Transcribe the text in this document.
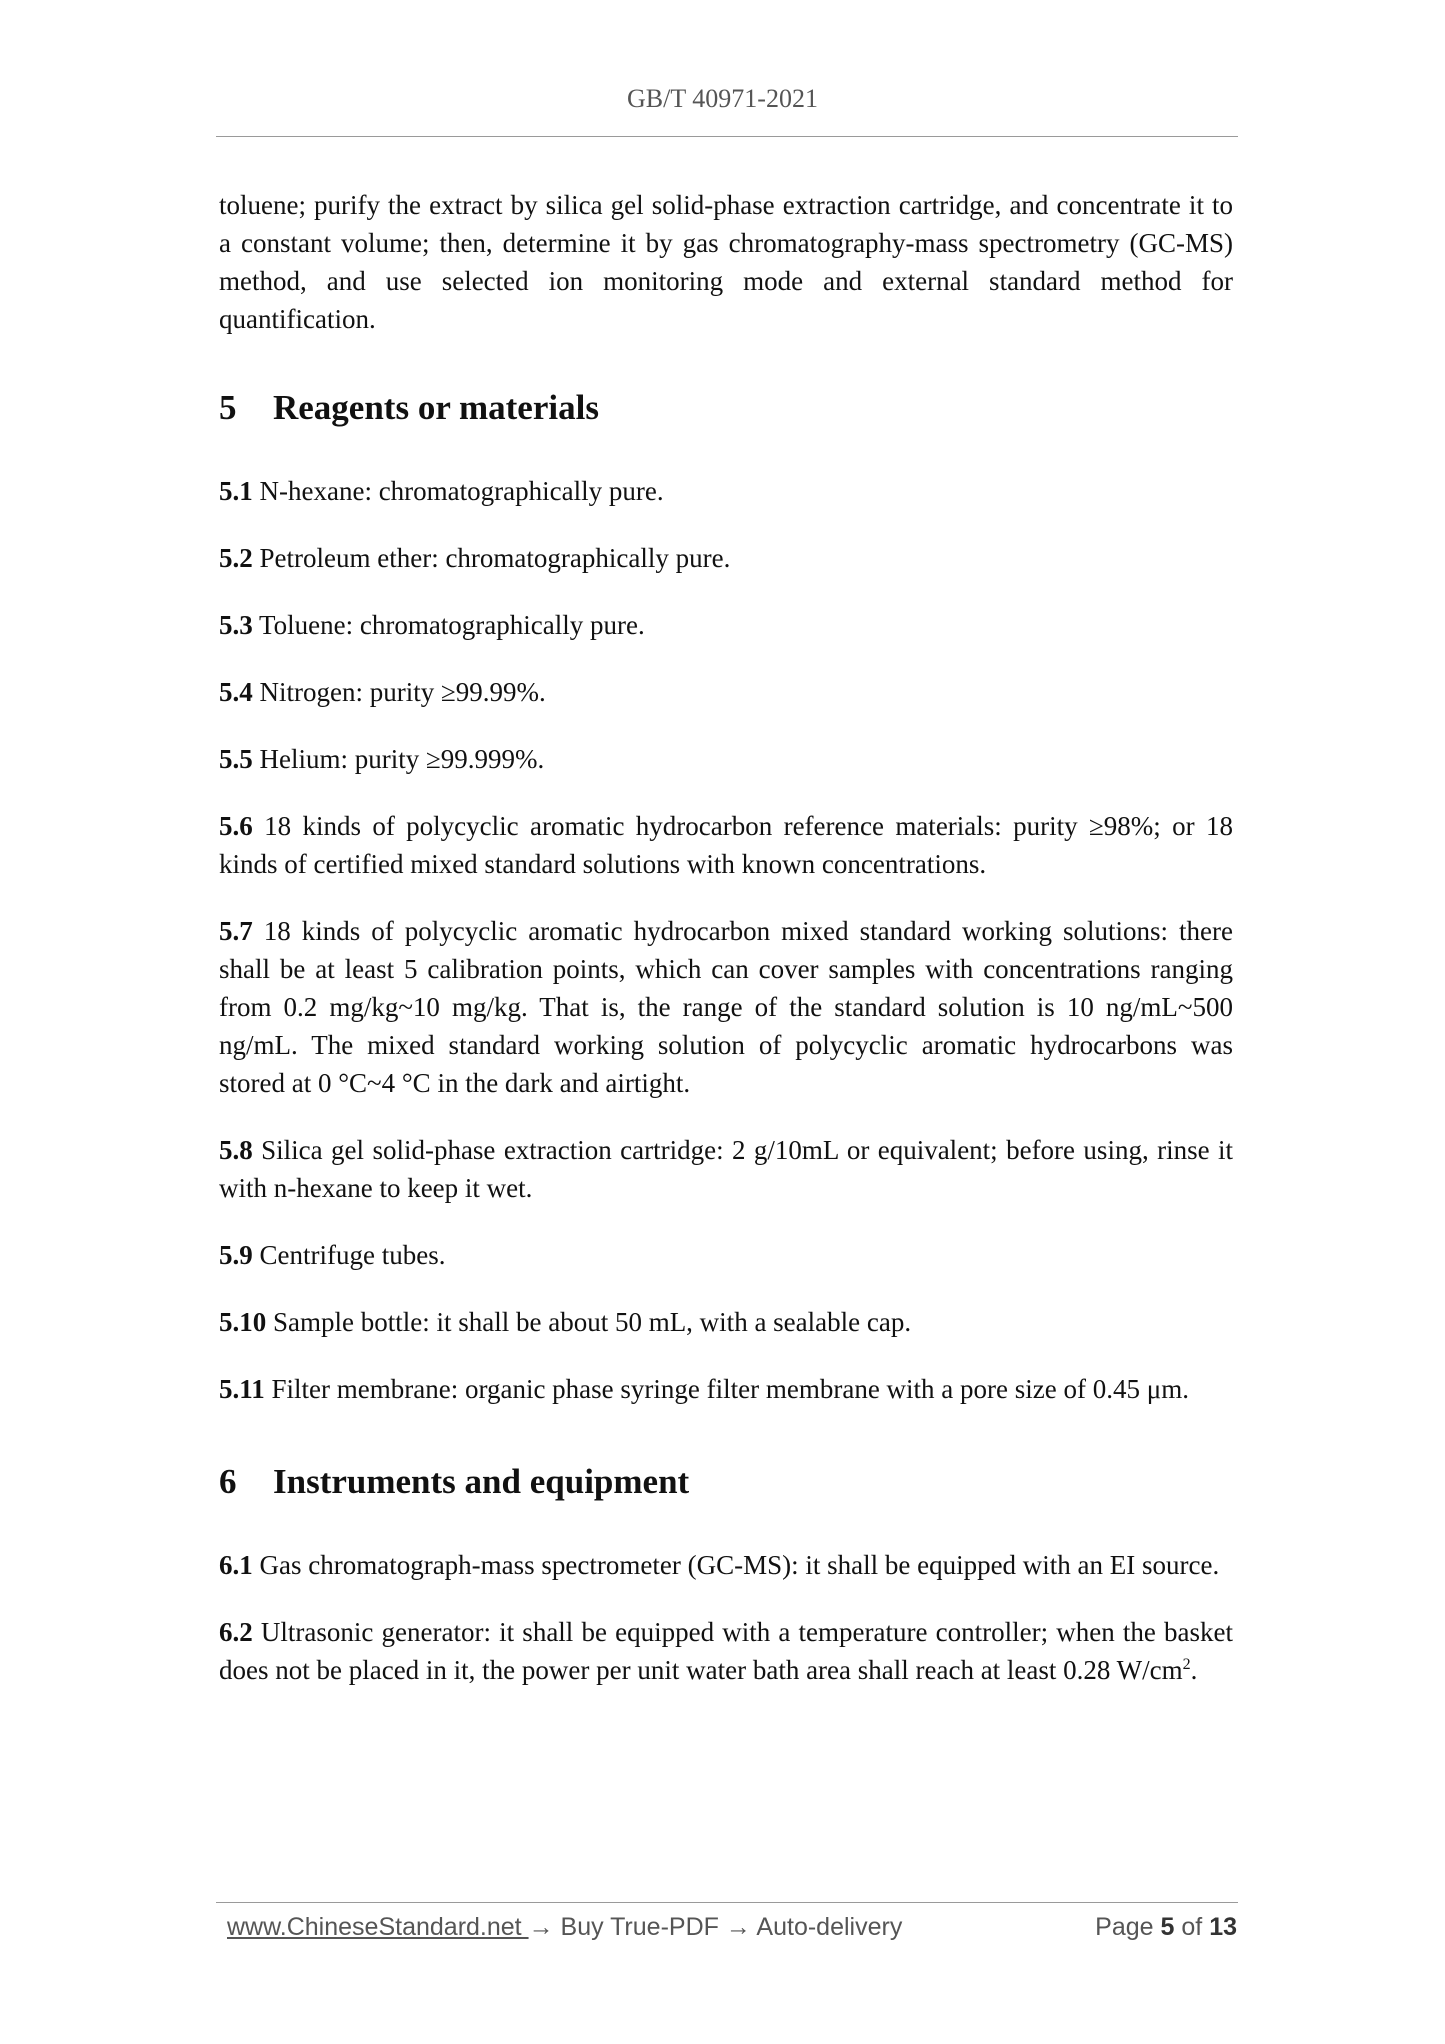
GB/T 40971-2021

toluene; purify the extract by silica gel solid-phase extraction cartridge, and concentrate it to a constant volume; then, determine it by gas chromatography-mass spectrometry (GC-MS) method, and use selected ion monitoring mode and external standard method for quantification.

5 Reagents or materials

5.1 N-hexane: chromatographically pure.

5.2 Petroleum ether: chromatographically pure.

5.3 Toluene: chromatographically pure.

5.4 Nitrogen: purity ≥99.99%.

5.5 Helium: purity ≥99.999%.

5.6 18 kinds of polycyclic aromatic hydrocarbon reference materials: purity ≥98%; or 18 kinds of certified mixed standard solutions with known concentrations.

5.7 18 kinds of polycyclic aromatic hydrocarbon mixed standard working solutions: there shall be at least 5 calibration points, which can cover samples with concentrations ranging from 0.2 mg/kg~10 mg/kg. That is, the range of the standard solution is 10 ng/mL~500 ng/mL. The mixed standard working solution of polycyclic aromatic hydrocarbons was stored at 0 °C~4 °C in the dark and airtight.

5.8 Silica gel solid-phase extraction cartridge: 2 g/10mL or equivalent; before using, rinse it with n-hexane to keep it wet.

5.9 Centrifuge tubes.

5.10 Sample bottle: it shall be about 50 mL, with a sealable cap.

5.11 Filter membrane: organic phase syringe filter membrane with a pore size of 0.45 μm.

6 Instruments and equipment

6.1 Gas chromatograph-mass spectrometer (GC-MS): it shall be equipped with an EI source.

6.2 Ultrasonic generator: it shall be equipped with a temperature controller; when the basket does not be placed in it, the power per unit water bath area shall reach at least 0.28 $W/cm^2$.

www.ChineseStandard.net → Buy True-PDF → Auto-delivery	Page 5 of 13
